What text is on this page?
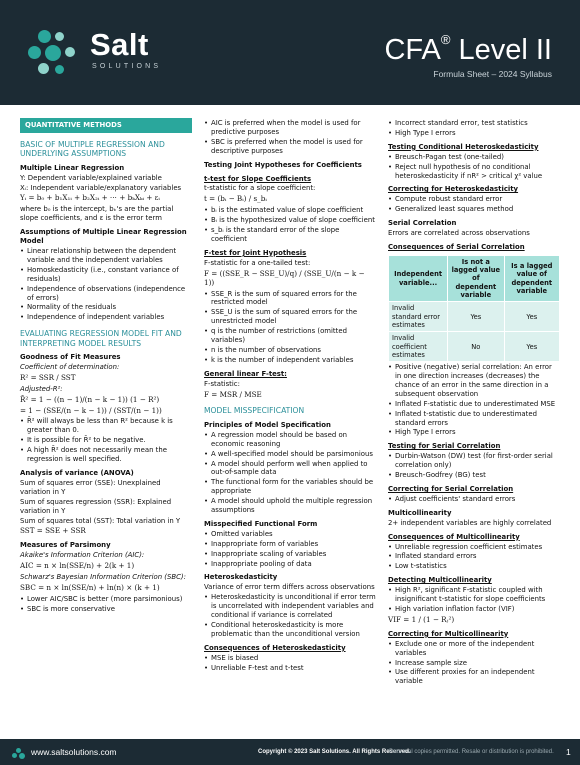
Salt
SOLUTIONS
CFA® Level II
Formula Sheet – 2024 Syllabus
QUANTITATIVE METHODS
BASIC OF MULTIPLE REGRESSION AND UNDERLYING ASSUMPTIONS
Multiple Linear Regression
Y: Dependent variable/explained variable
Xᵢ: Independent variable/explanatory variables
Yᵢ = b₀ + b₁X₁ᵢ + b₂X₂ᵢ + ⋯ + bₖXₖᵢ + εᵢ
where b₀ is the intercept, bₖ's are the partial slope coefficients, and ε is the error term
Assumptions of Multiple Linear Regression Model
• Linear relationship between the dependent variable and the independent variables
• Homoskedasticity (i.e., constant variance of residuals)
• Independence of observations (independence of errors)
• Normality of the residuals
• Independence of independent variables
EVALUATING REGRESSION MODEL FIT AND INTERPRETING MODEL RESULTS
Goodness of Fit Measures
Coefficient of determination:
R² = SSR / SST
Adjusted-R²:
R̄² = 1 − ((n − 1)/(n − k − 1)) (1 − R²)
= 1 − (SSE/(n − k − 1)) / (SST/(n − 1))
• R̄² will always be less than R² because k is greater than 0.
• It is possible for R̄² to be negative.
• A high R̄² does not necessarily mean the regression is well specified.
Analysis of variance (ANOVA)
Sum of squares error (SSE): Unexplained variation in Y
Sum of squares regression (SSR): Explained variation in Y
Sum of squares total (SST): Total variation in Y
SST = SSE + SSR
Measures of Parsimony
Akaike's Information Criterion (AIC):
AIC = n × ln(SSE/n) + 2(k + 1)
Schwarz's Bayesian Information Criterion (SBC):
SBC = n × ln(SSE/n) + ln(n) × (k + 1)
• Lower AIC/SBC is better (more parsimonious)
• SBC is more conservative
• AIC is preferred when the model is used for predictive purposes
• SBC is preferred when the model is used for descriptive purposes
Testing Joint Hypotheses for Coefficients
t-test for Slope Coefficients
t-statistic for a slope coefficient:
t = (bᵢ − Bᵢ) / s_bᵢ
• bᵢ is the estimated value of slope coefficient
• Bᵢ is the hypothesized value of slope coefficient
• s_bᵢ is the standard error of the slope coefficient
F-test for Joint Hypothesis
F-statistic for a one-tailed test:
F = ((SSE_R − SSE_U)/q) / (SSE_U/(n − k − 1))
• SSE_R is the sum of squared errors for the restricted model
• SSE_U is the sum of squared errors for the unrestricted model
• q is the number of restrictions (omitted variables)
• n is the number of observations
• k is the number of independent variables
General linear F-test:
F-statistic:
F = MSR / MSE
MODEL MISSPECIFICATION
Principles of Model Specification
• A regression model should be based on economic reasoning
• A well-specified model should be parsimonious
• A model should perform well when applied to out-of-sample data
• The functional form for the variables should be appropriate
• A model should uphold the multiple regression assumptions
Misspecified Functional Form
• Omitted variables
• Inappropriate form of variables
• Inappropriate scaling of variables
• Inappropriate pooling of data
Heteroskedasticity
Variance of error term differs across observations
• Heteroskedasticity is unconditional if error term is uncorrelated with independent variables and conditional if variance is correlated
• Conditional heteroskedasticity is more problematic than the unconditional version
Consequences of Heteroskedasticity
• MSE is biased
• Unreliable F-test and t-test
• Incorrect standard error, test statistics
• High Type I errors
Testing Conditional Heteroskedasticity
• Breusch-Pagan test (one-tailed)
• Reject null hypothesis of no conditional heteroskedasticity if nR² > critical χ² value
Correcting for Heteroskedasticity
• Compute robust standard error
• Generalized least squares method
Serial Correlation
Errors are correlated across observations
Consequences of Serial Correlation
Independent variable...	Is not a lagged value of dependent variable	Is a lagged value of dependent variable
Invalid standard error estimates	Yes	Yes
Invalid coefficient estimates	No	Yes
• Positive (negative) serial correlation: An error in one direction increases (decreases) the chance of an error in the same direction in a subsequent observation
• Inflated F-statistic due to underestimated MSE
• Inflated t-statistic due to underestimated standard errors
• High Type I errors
Testing for Serial Correlation
• Durbin-Watson (DW) test (for first-order serial correlation only)
• Breusch-Godfrey (BG) test
Correcting for Serial Correlation
• Adjust coefficients' standard errors
Multicollinearity
2+ independent variables are highly correlated
Consequences of Multicollinearity
• Unreliable regression coefficient estimates
• Inflated standard errors
• Low t-statistics
Detecting Multicollinearity
• High R², significant F-statistic coupled with insignificant t-statistic for slope coefficients
• High variation inflation factor (VIF)
VIF = 1 / (1 − Rⱼ²)
Correcting for Multicollinearity
• Exclude one or more of the independent variables
• Increase sample size
• Use different proxies for an independent variable
www.saltsolutions.com	Copyright © 2023 Salt Solutions. All Rights Reserved.
Personal copies permitted. Resale or distribution is prohibited. 1
